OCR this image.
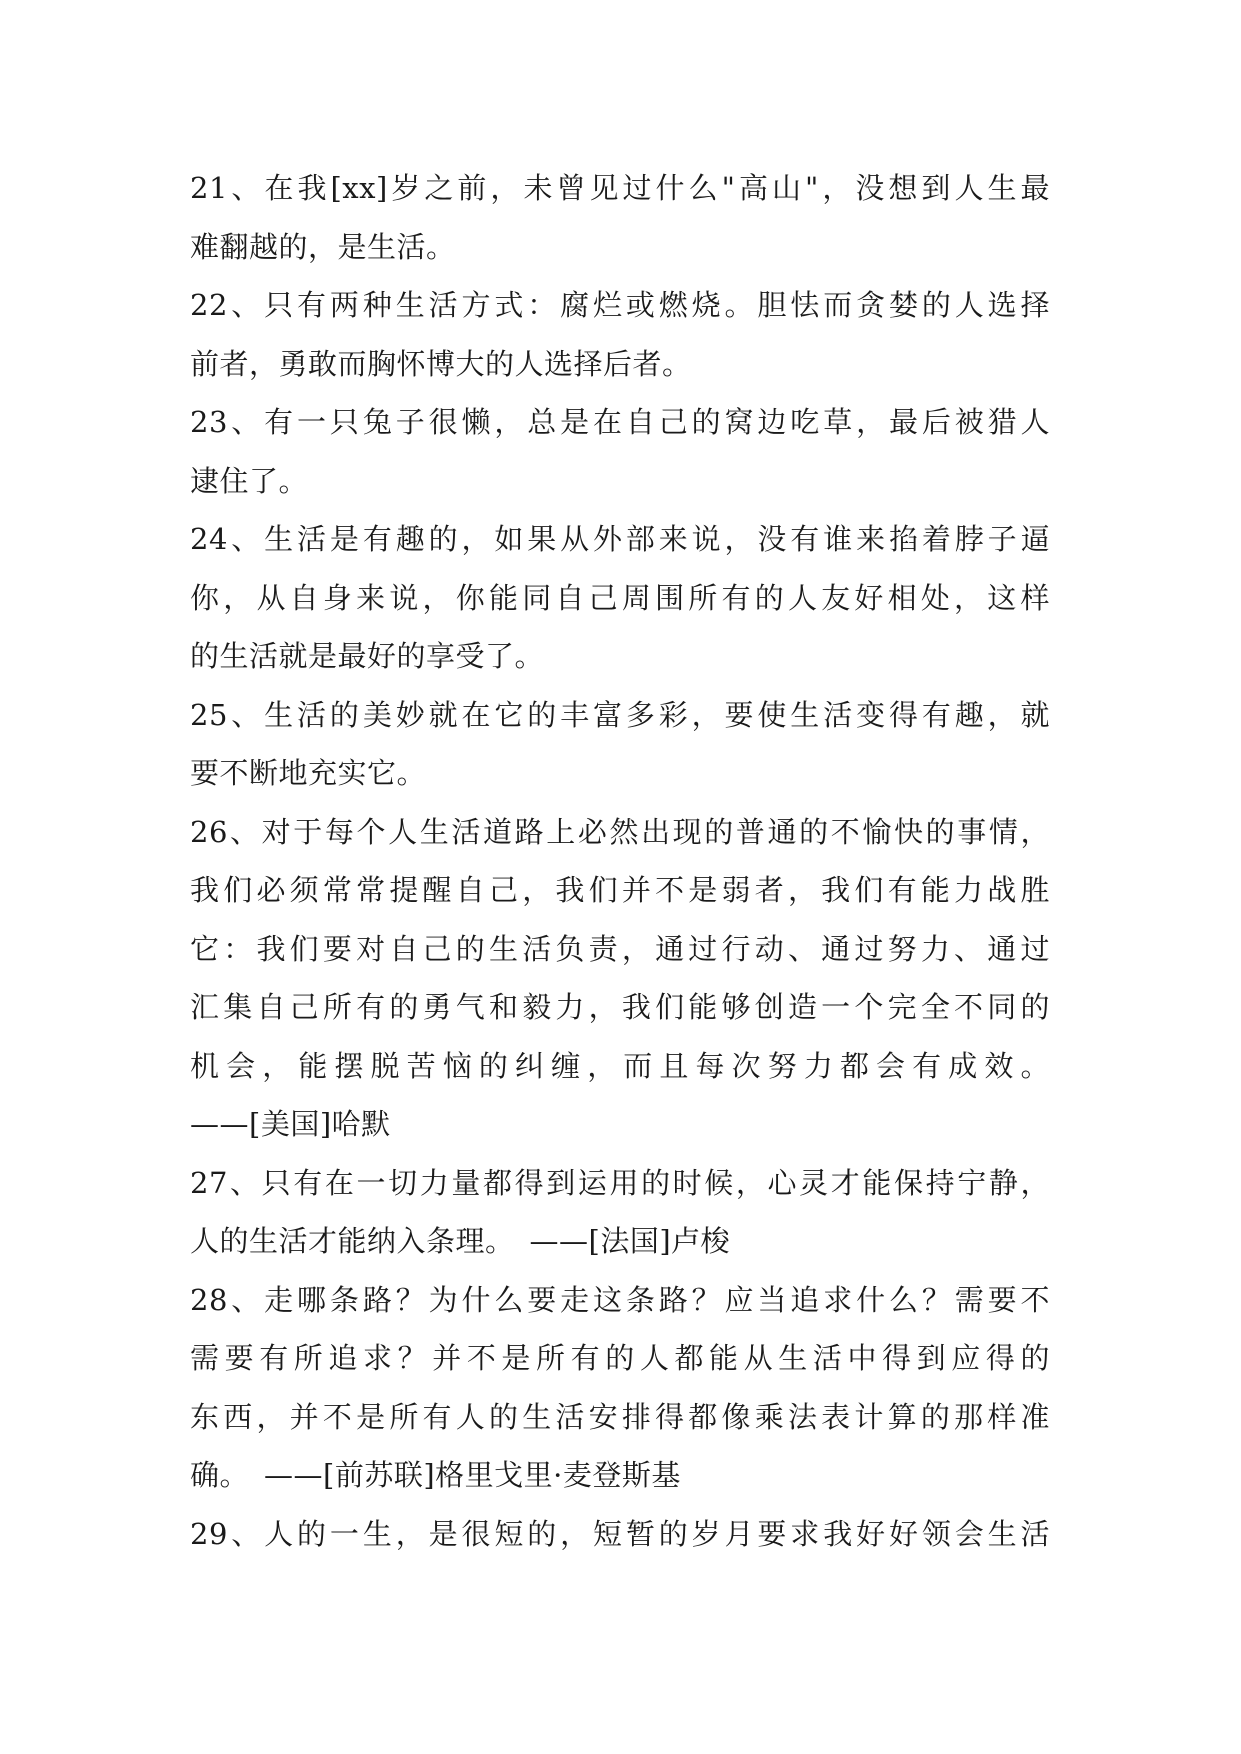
21、在我[xx]岁之前，未曾见过什么"高山"，没想到人生最
难翻越的，是生活。
22、只有两种生活方式：腐烂或燃烧。胆怯而贪婪的人选择
前者，勇敢而胸怀博大的人选择后者。
23、有一只兔子很懒，总是在自己的窝边吃草，最后被猎人
逮住了。
24、生活是有趣的，如果从外部来说，没有谁来掐着脖子逼
你，从自身来说，你能同自己周围所有的人友好相处，这样
的生活就是最好的享受了。
25、生活的美妙就在它的丰富多彩，要使生活变得有趣，就
要不断地充实它。
26、对于每个人生活道路上必然出现的普通的不愉快的事情，
我们必须常常提醒自己，我们并不是弱者，我们有能力战胜
它：我们要对自己的生活负责，通过行动、通过努力、通过
汇集自己所有的勇气和毅力，我们能够创造一个完全不同的
机会，能摆脱苦恼的纠缠，而且每次努力都会有成效。
——[美国]哈默
27、只有在一切力量都得到运用的时候，心灵才能保持宁静，
人的生活才能纳入条理。　——[法国]卢梭
28、走哪条路？为什么要走这条路？应当追求什么？需要不
需要有所追求？并不是所有的人都能从生活中得到应得的
东西，并不是所有人的生活安排得都像乘法表计算的那样准
确。　——[前苏联]格里戈里·麦登斯基
29、人的一生，是很短的，短暂的岁月要求我好好领会生活
